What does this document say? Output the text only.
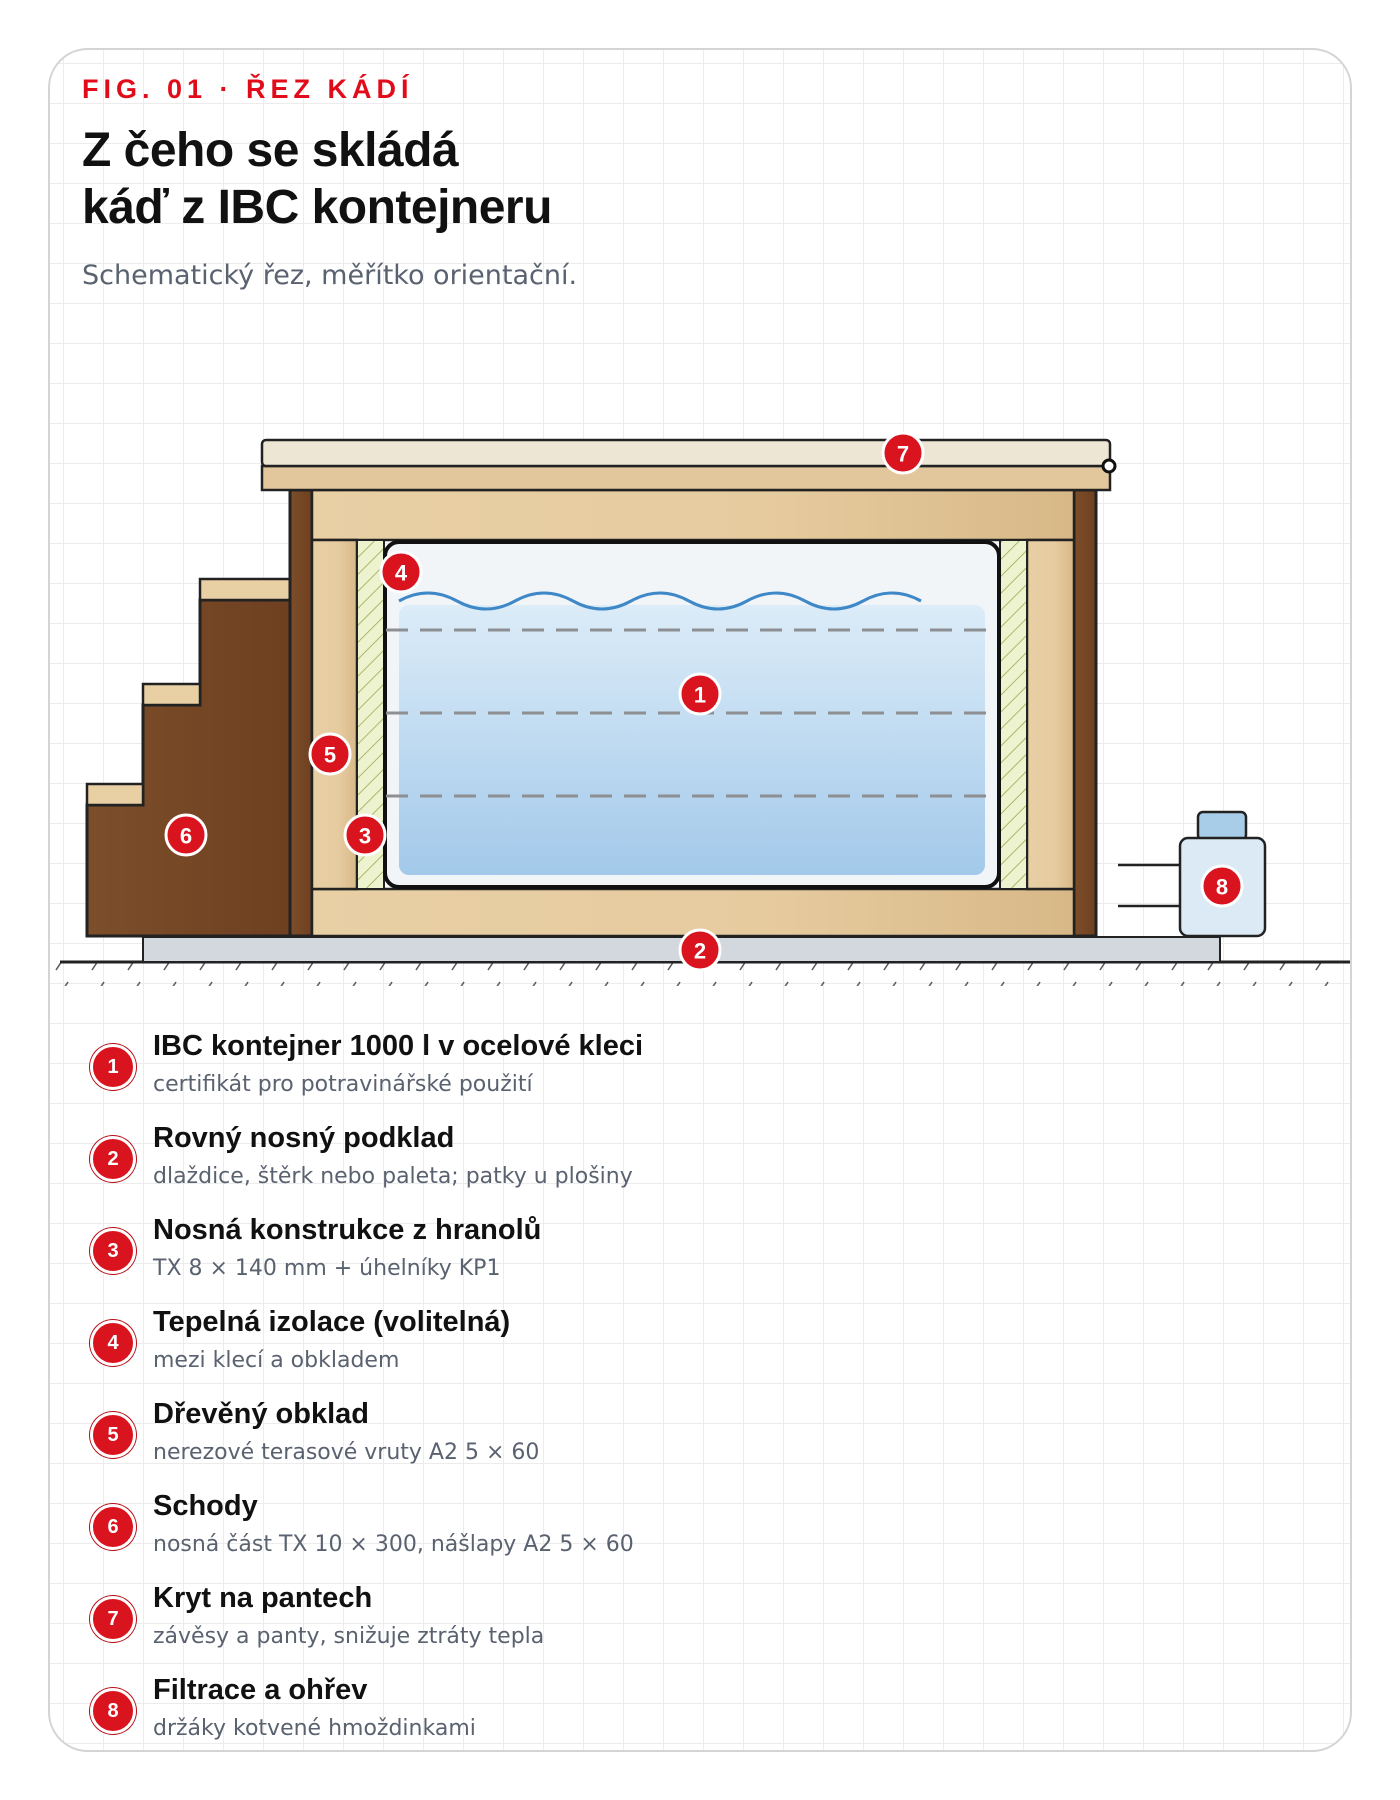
FIG. 01 · ŘEZ KÁDÍ
Z čeho se skládá
káď z IBC kontejneru
Schematický řez, měřítko orientační.
1
2
3
4
5
6
7
8
1
IBC kontejner 1000 l v ocelové kleci
certifikát pro potravinářské použití
2
Rovný nosný podklad
dlaždice, štěrk nebo paleta; patky u plošiny
3
Nosná konstrukce z hranolů
TX 8 × 140 mm + úhelníky KP1
4
Tepelná izolace (volitelná)
mezi klecí a obkladem
5
Dřevěný obklad
nerezové terasové vruty A2 5 × 60
6
Schody
nosná část TX 10 × 300, nášlapy A2 5 × 60
7
Kryt na pantech
závěsy a panty, snižuje ztráty tepla
8
Filtrace a ohřev
držáky kotvené hmoždinkami
